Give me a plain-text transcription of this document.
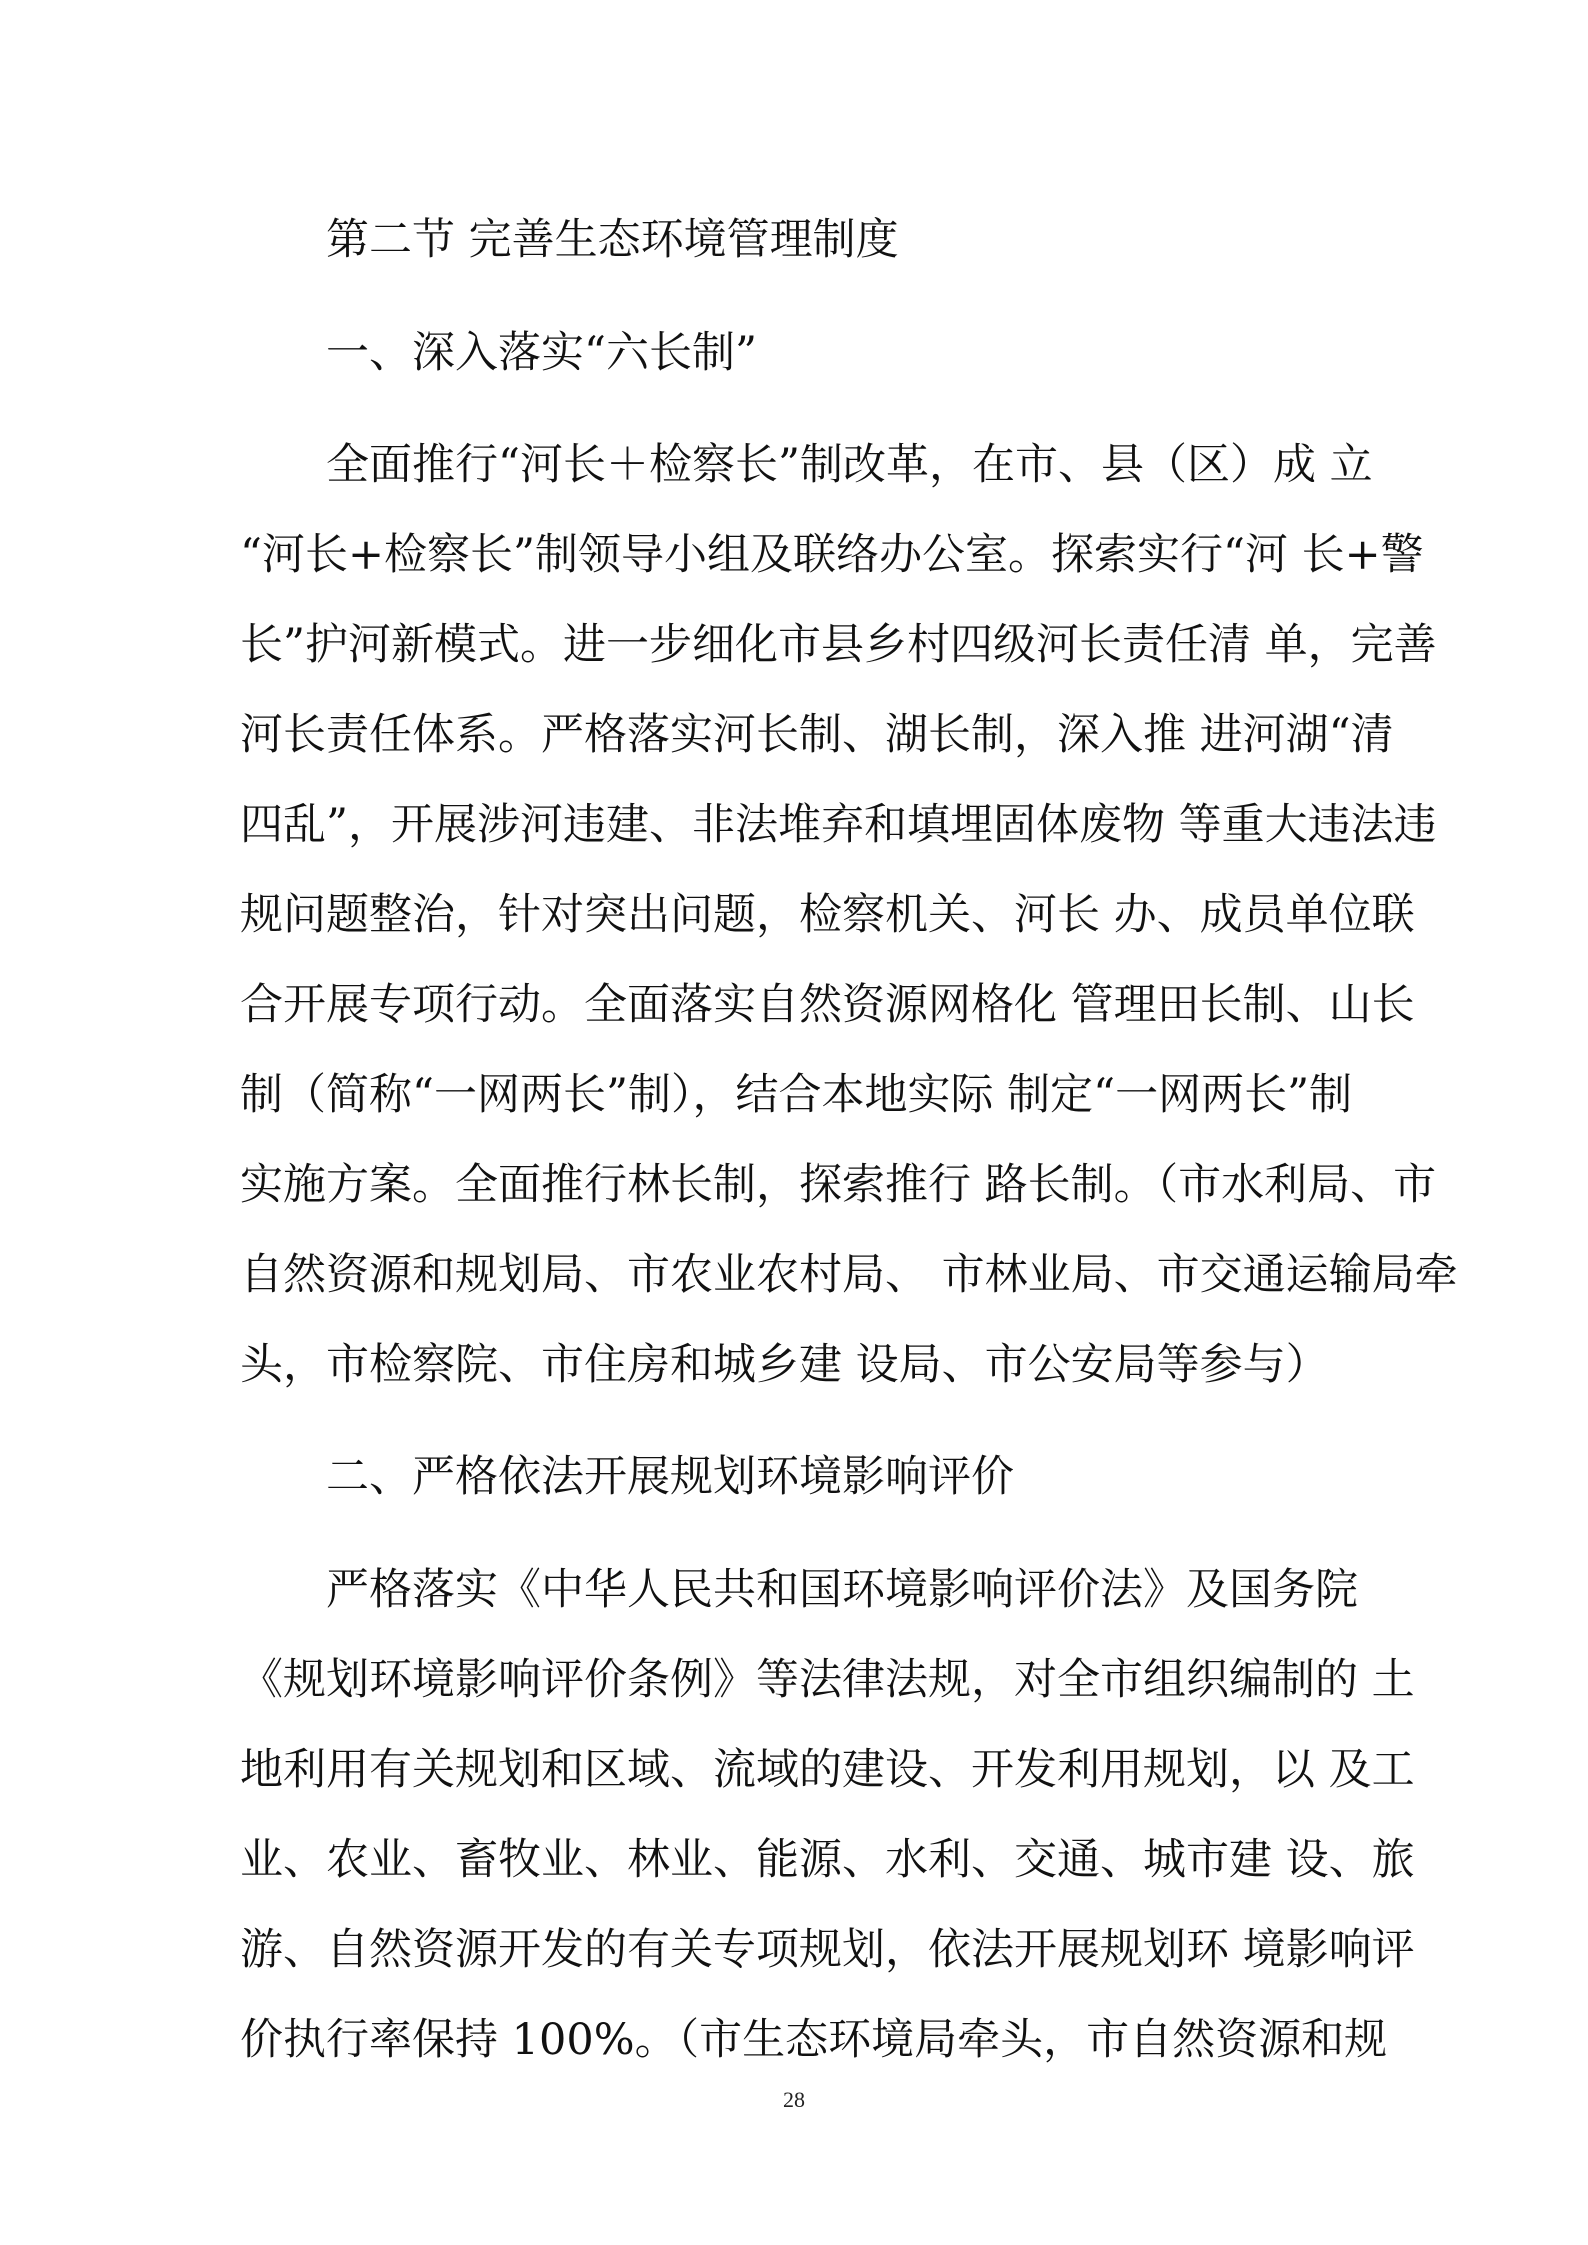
第二节 完善生态环境管理制度
一、深入落实“六长制”
全面推行“河长＋检察长”制改革，在市、县（区）成 立
“河长+检察长”制领导小组及联络办公室。探索实行“河 长+警
长”护河新模式。进一步细化市县乡村四级河长责任清 单，完善
河长责任体系。严格落实河长制、湖长制，深入推 进河湖“清
四乱”，开展涉河违建、非法堆弃和填埋固体废物 等重大违法违
规问题整治，针对突出问题，检察机关、河长 办、成员单位联
合开展专项行动。全面落实自然资源网格化 管理田长制、山长
制（简称“一网两长”制），结合本地实际 制定“一网两长”制
实施方案。全面推行林长制，探索推行 路长制。（市水利局、市
自然资源和规划局、市农业农村局、 市林业局、市交通运输局牵
头，市检察院、市住房和城乡建 设局、市公安局等参与）
二、严格依法开展规划环境影响评价
严格落实《中华人民共和国环境影响评价法》及国务院
《规划环境影响评价条例》等法律法规，对全市组织编制的 土
地利用有关规划和区域、流域的建设、开发利用规划，以 及工
业、农业、畜牧业、林业、能源、水利、交通、城市建 设、旅
游、自然资源开发的有关专项规划，依法开展规划环 境影响评
价执行率保持 100%。（市生态环境局牵头，市自然资源和规
28
